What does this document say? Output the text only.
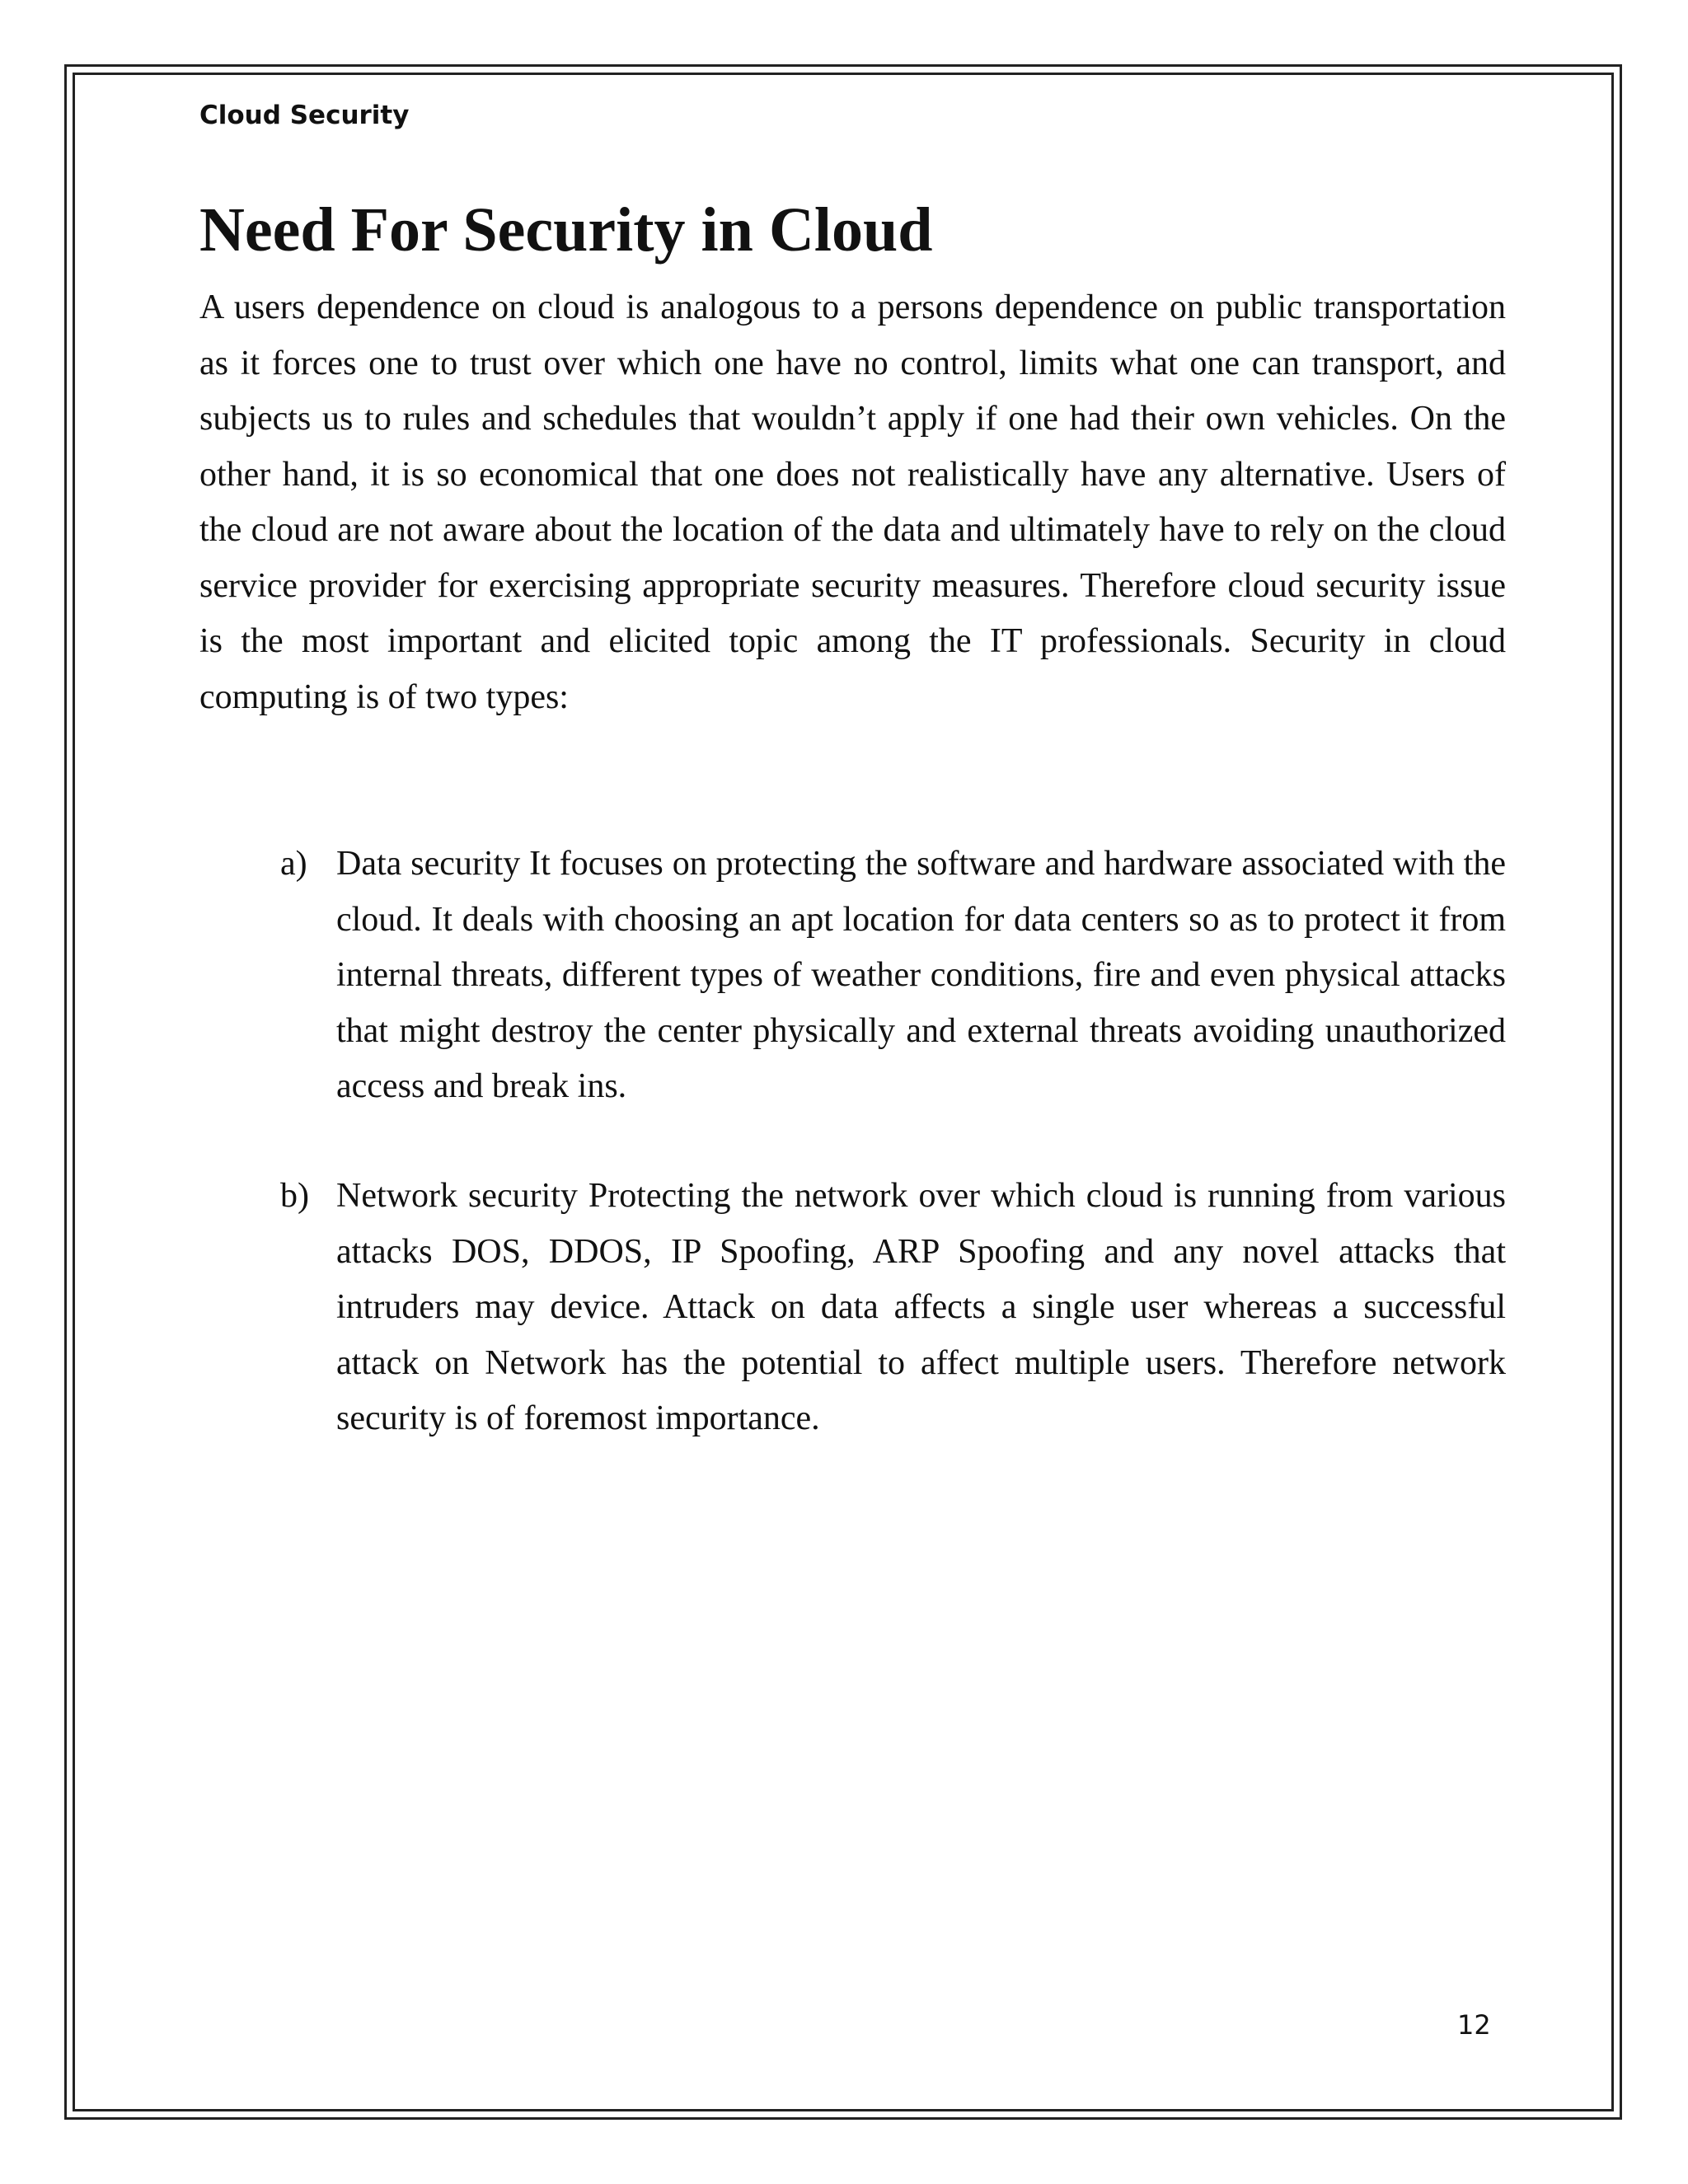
Cloud Security
Need For Security in Cloud

A users dependence on cloud is analogous to a persons dependence on public transportation as it forces one to trust over which one have no control, limits what one can transport, and subjects us to rules and schedules that wouldn’t apply if one had their own vehicles. On the other hand, it is so economical that one does not realistically have any alternative. Users of the cloud are not aware about the location of the data and ultimately have to rely on the cloud service provider for exercising appropriate security measures. Therefore cloud security issue is the most important and elicited topic among the IT professionals. Security in cloud computing is of two types:

a) Data security It focuses on protecting the software and hardware associated with the cloud. It deals with choosing an apt location for data centers so as to protect it from internal threats, different types of weather conditions, fire and even physical attacks that might destroy the center physically and external threats avoiding unauthorized access and break ins.
b) Network security Protecting the network over which cloud is running from various attacks DOS, DDOS, IP Spoofing, ARP Spoofing and any novel attacks that intruders may device. Attack on data affects a single user whereas a successful attack on Network has the potential to affect multiple users. Therefore network security is of foremost importance.
12
